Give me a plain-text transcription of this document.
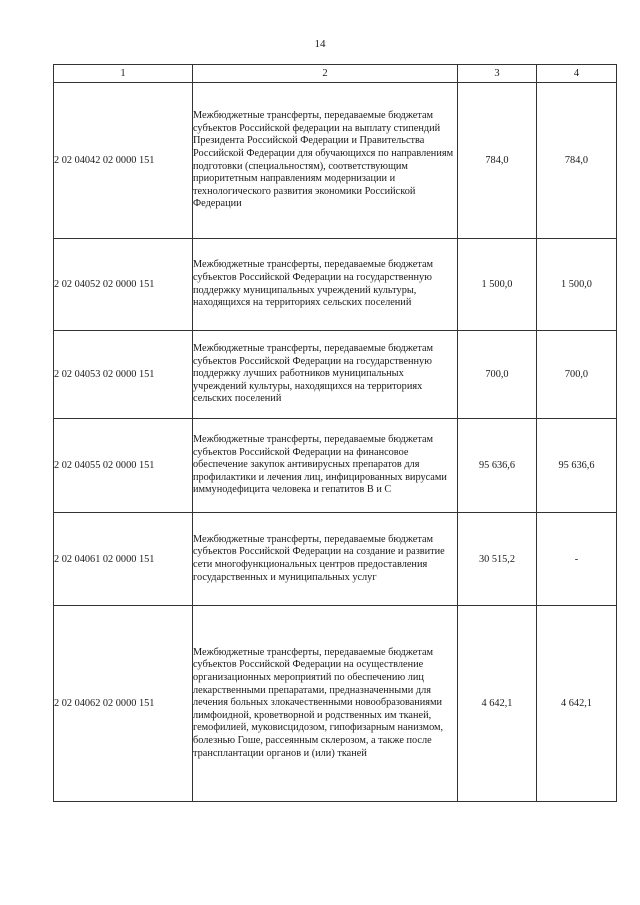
14
1	2	3	4
2 02 04042 02 0000 151	Межбюджетные трансферты, передаваемые бюджетам субъектов Российской федерации на выплату стипендий Президента Российской Федерации и Правительства Российской Федерации для обучающихся по направлениям подготовки (специальностям), соответствующим приоритетным направлениям модернизации и технологического развития экономики Российской Федерации	784,0	784,0
2 02 04052 02 0000 151	Межбюджетные трансферты, передаваемые бюджетам субъектов Российской Федерации на государственную поддержку муниципальных учреждений культуры, находящихся на территориях сельских поселений	1 500,0	1 500,0
2 02 04053 02 0000 151	Межбюджетные трансферты, передаваемые бюджетам субъектов Российской Федерации на государственную поддержку лучших работников муниципальных учреждений культуры, находящихся на территориях сельских поселений	700,0	700,0
2 02 04055 02 0000 151	Межбюджетные трансферты, передаваемые бюджетам субъектов Российской Федерации на финансовое обеспечение закупок антивирусных препаратов для профилактики и лечения лиц, инфицированных вирусами иммунодефицита человека и гепатитов В и С	95 636,6	95 636,6
2 02 04061 02 0000 151	Межбюджетные трансферты, передаваемые бюджетам субъектов Российской Федерации на создание и развитие сети многофункциональных центров предоставления государственных и муниципальных услуг	30 515,2	-
2 02 04062 02 0000 151	Межбюджетные трансферты, передаваемые бюджетам субъектов Российской Федерации на осуществление организационных мероприятий по обеспечению лиц лекарственными препаратами, предназначенными для лечения больных злокачественными новообразованиями лимфоидной, кроветворной и родственных им тканей, гемофилией, муковисцидозом, гипофизарным нанизмом, болезнью Гоше, рассеянным склерозом, а также после трансплантации органов и (или) тканей	4 642,1	4 642,1
